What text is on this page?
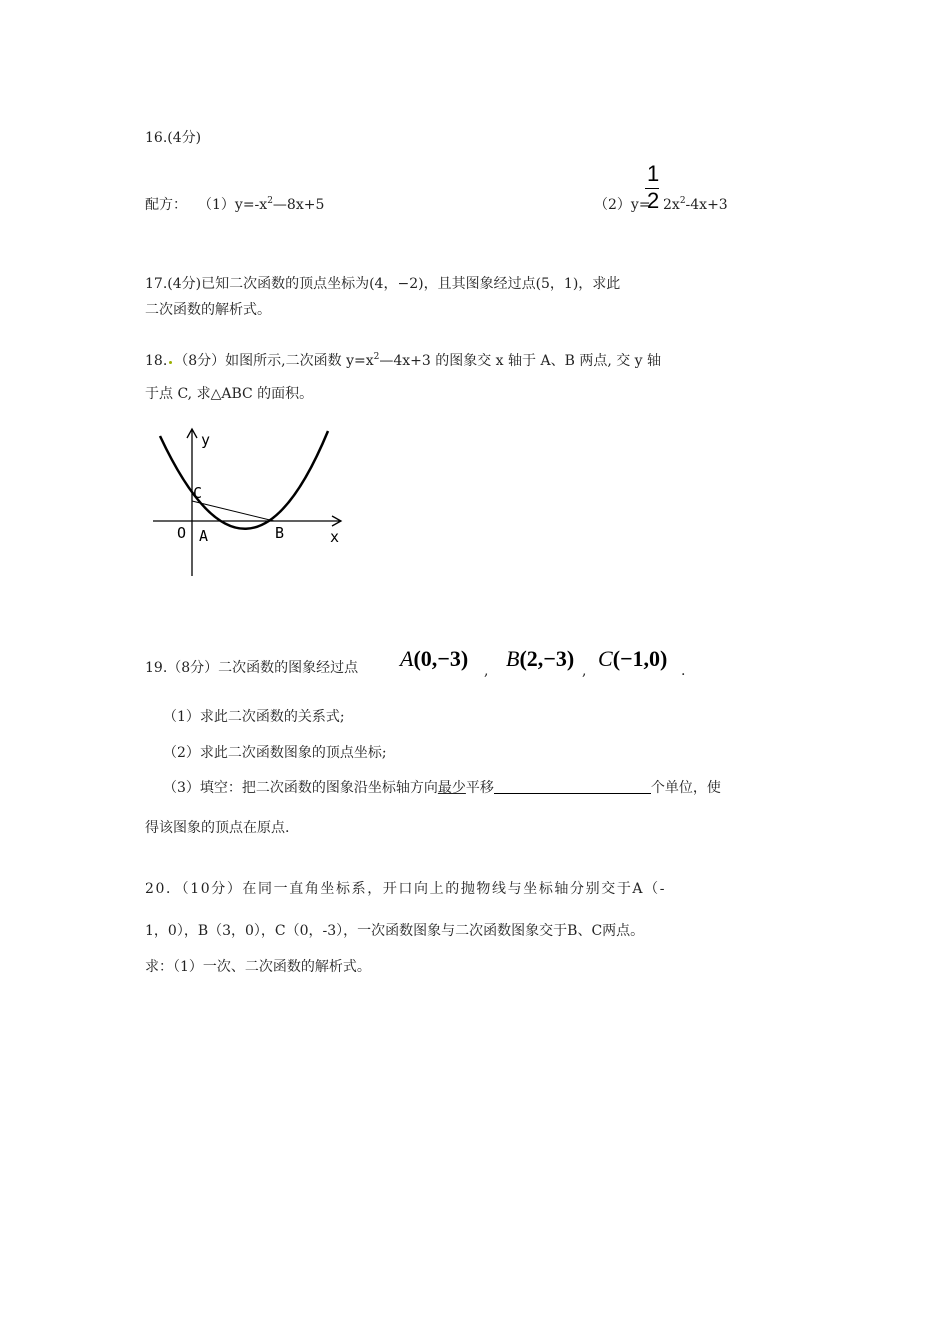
16.(4分)
配方： $(1)y=-x^2—8x+5$	（2）y=
1
2 $2x^2-4x+3$
17.(4分)已知二次函数的顶点坐标为(4，−2)，且其图象经过点(5，1)，求此
二次函数的解析式。
18. （8分）如图所示,二次函数 $y=x^2—4x+3$ 的图象交 x 轴于 A、B 两点, 交 y 轴
于点 C, 求△ABC 的面积。
y
C
O A	B	x
19.（8分）二次函数的图象经过点 A(0,−3) , B(2,−3) , C(−1,0) .
（1）求此二次函数的关系式;
（2）求此二次函数图象的顶点坐标;
（3）填空：把二次函数的图象沿坐标轴方向最少平移	个单位，使
得该图象的顶点在原点.
20．（10分）在同一直角坐标系，开口向上的抛物线与坐标轴分别交于A（-
1，0），B（3，0），C（0，-3），一次函数图象与二次函数图象交于B、C两点。
求：（1）一次、二次函数的解析式。
